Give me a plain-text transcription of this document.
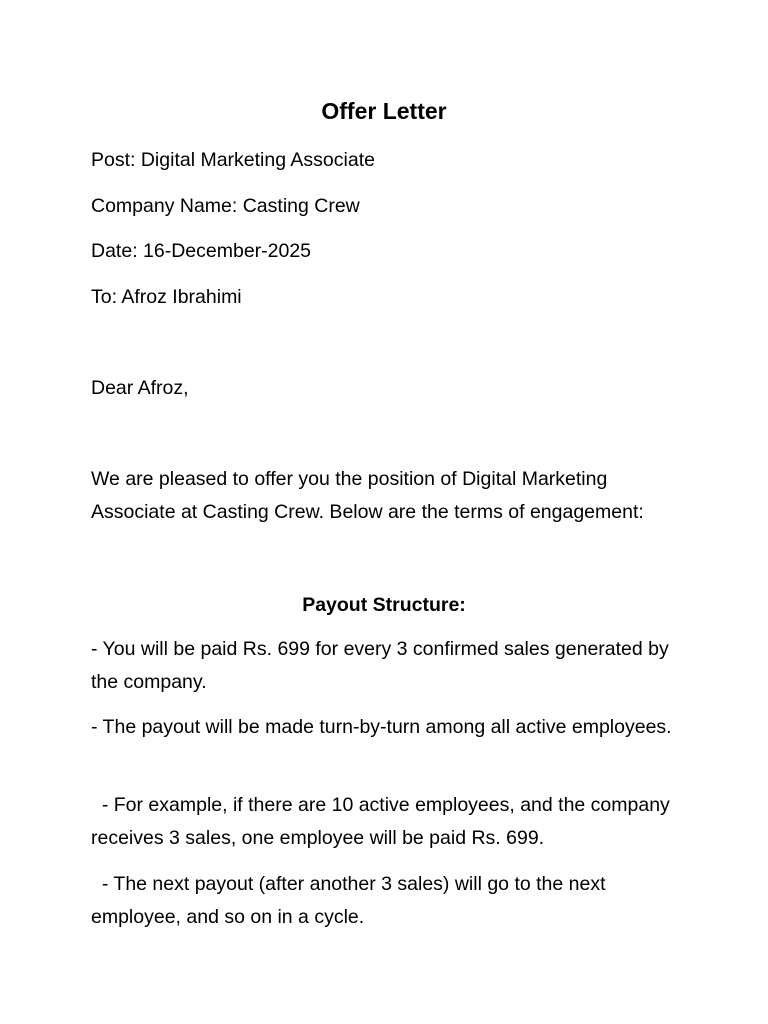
Offer Letter
Post: Digital Marketing Associate
Company Name: Casting Crew
Date: 16-December-2025
To: Afroz Ibrahimi
Dear Afroz,
We are pleased to offer you the position of Digital Marketing Associate at Casting Crew. Below are the terms of engagement:
Payout Structure:
- You will be paid Rs. 699 for every 3 confirmed sales generated by the company.
- The payout will be made turn-by-turn among all active employees.
- For example, if there are 10 active employees, and the company receives 3 sales, one employee will be paid Rs. 699.
- The next payout (after another 3 sales) will go to the next employee, and so on in a cycle.
